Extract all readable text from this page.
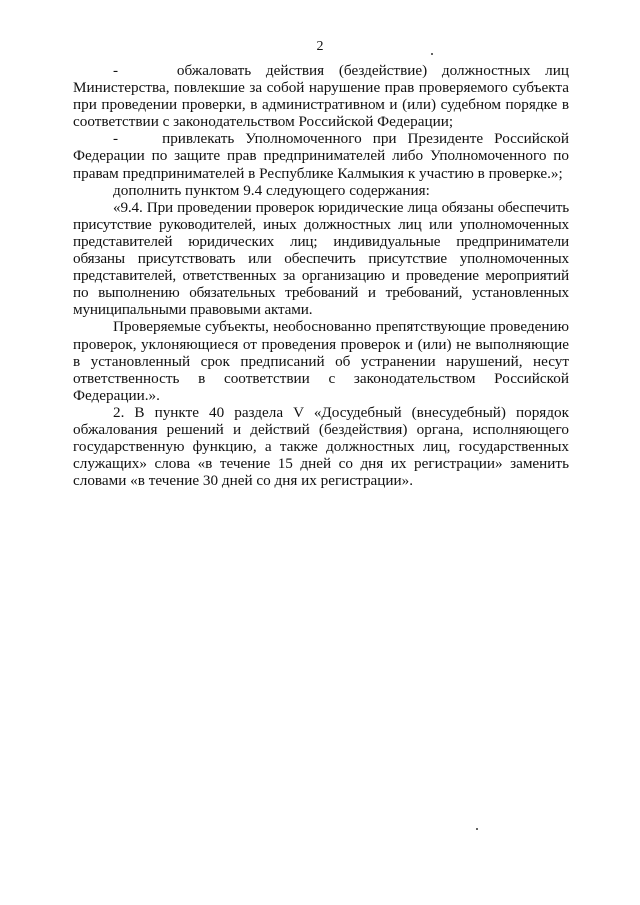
2

-    обжаловать действия (бездействие) должностных лиц Министерства, повлекшие за собой нарушение прав проверяемого субъекта при проведении проверки, в административном и (или) судебном порядке в соответствии с законодательством Российской Федерации;

-    привлекать Уполномоченного при Президенте Российской Федерации по защите прав предпринимателей либо Уполномоченного по правам предпринимателей в Республике Калмыкия к участию в проверке.»;

дополнить пунктом 9.4 следующего содержания:

«9.4. При проведении проверок юридические лица обязаны обеспечить присутствие руководителей, иных должностных лиц или уполномоченных представителей юридических лиц; индивидуальные предприниматели обязаны присутствовать или обеспечить присутствие уполномоченных представителей, ответственных за организацию и проведение мероприятий по выполнению обязательных требований и требований, установленных муниципальными правовыми актами.

Проверяемые субъекты, необоснованно препятствующие проведению проверок, уклоняющиеся от проведения проверок и (или) не выполняющие в установленный срок предписаний об устранении нарушений, несут ответственность в соответствии с законодательством Российской Федерации.».

2. В пункте 40 раздела V «Досудебный (внесудебный) порядок обжалования решений и действий (бездействия) органа, исполняющего государственную функцию, а также должностных лиц, государственных служащих» слова «в течение 15 дней со дня их регистрации» заменить словами «в течение 30 дней со дня их регистрации».
